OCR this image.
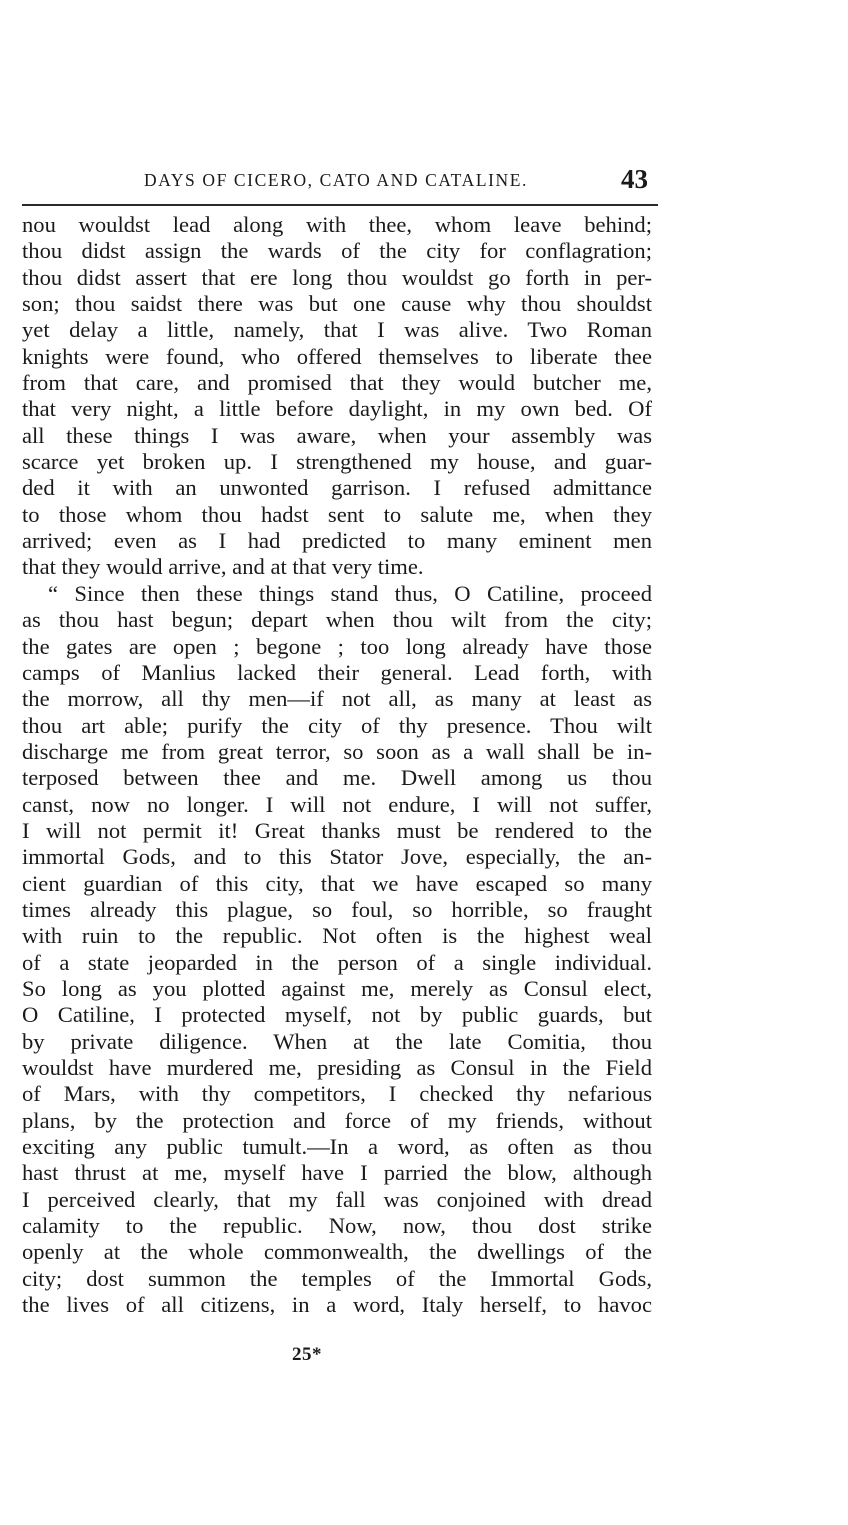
DAYS OF CICERO, CATO AND CATALINE.	43
nou wouldst lead along with thee, whom leave behind;
thou didst assign the wards of the city for conflagration;
thou didst assert that ere long thou wouldst go forth in per-
son; thou saidst there was but one cause why thou shouldst
yet delay a little, namely, that I was alive. Two Roman
knights were found, who offered themselves to liberate thee
from that care, and promised that they would butcher me,
that very night, a little before daylight, in my own bed. Of
all these things I was aware, when your assembly was
scarce yet broken up. I strengthened my house, and guar-
ded it with an unwonted garrison. I refused admittance
to those whom thou hadst sent to salute me, when they
arrived; even as I had predicted to many eminent men
that they would arrive, and at that very time.
“ Since then these things stand thus, O Catiline, proceed
as thou hast begun; depart when thou wilt from the city;
the gates are open ; begone ; too long already have those
camps of Manlius lacked their general. Lead forth, with
the morrow, all thy men—if not all, as many at least as
thou art able; purify the city of thy presence. Thou wilt
discharge me from great terror, so soon as a wall shall be in-
terposed between thee and me. Dwell among us thou
canst, now no longer. I will not endure, I will not suffer,
I will not permit it! Great thanks must be rendered to the
immortal Gods, and to this Stator Jove, especially, the an-
cient guardian of this city, that we have escaped so many
times already this plague, so foul, so horrible, so fraught
with ruin to the republic. Not often is the highest weal
of a state jeoparded in the person of a single individual.
So long as you plotted against me, merely as Consul elect,
O Catiline, I protected myself, not by public guards, but
by private diligence. When at the late Comitia, thou
wouldst have murdered me, presiding as Consul in the Field
of Mars, with thy competitors, I checked thy nefarious
plans, by the protection and force of my friends, without
exciting any public tumult.—In a word, as often as thou
hast thrust at me, myself have I parried the blow, although
I perceived clearly, that my fall was conjoined with dread
calamity to the republic. Now, now, thou dost strike
openly at the whole commonwealth, the dwellings of the
city; dost summon the temples of the Immortal Gods,
the lives of all citizens, in a word, Italy herself, to havoc
25*
